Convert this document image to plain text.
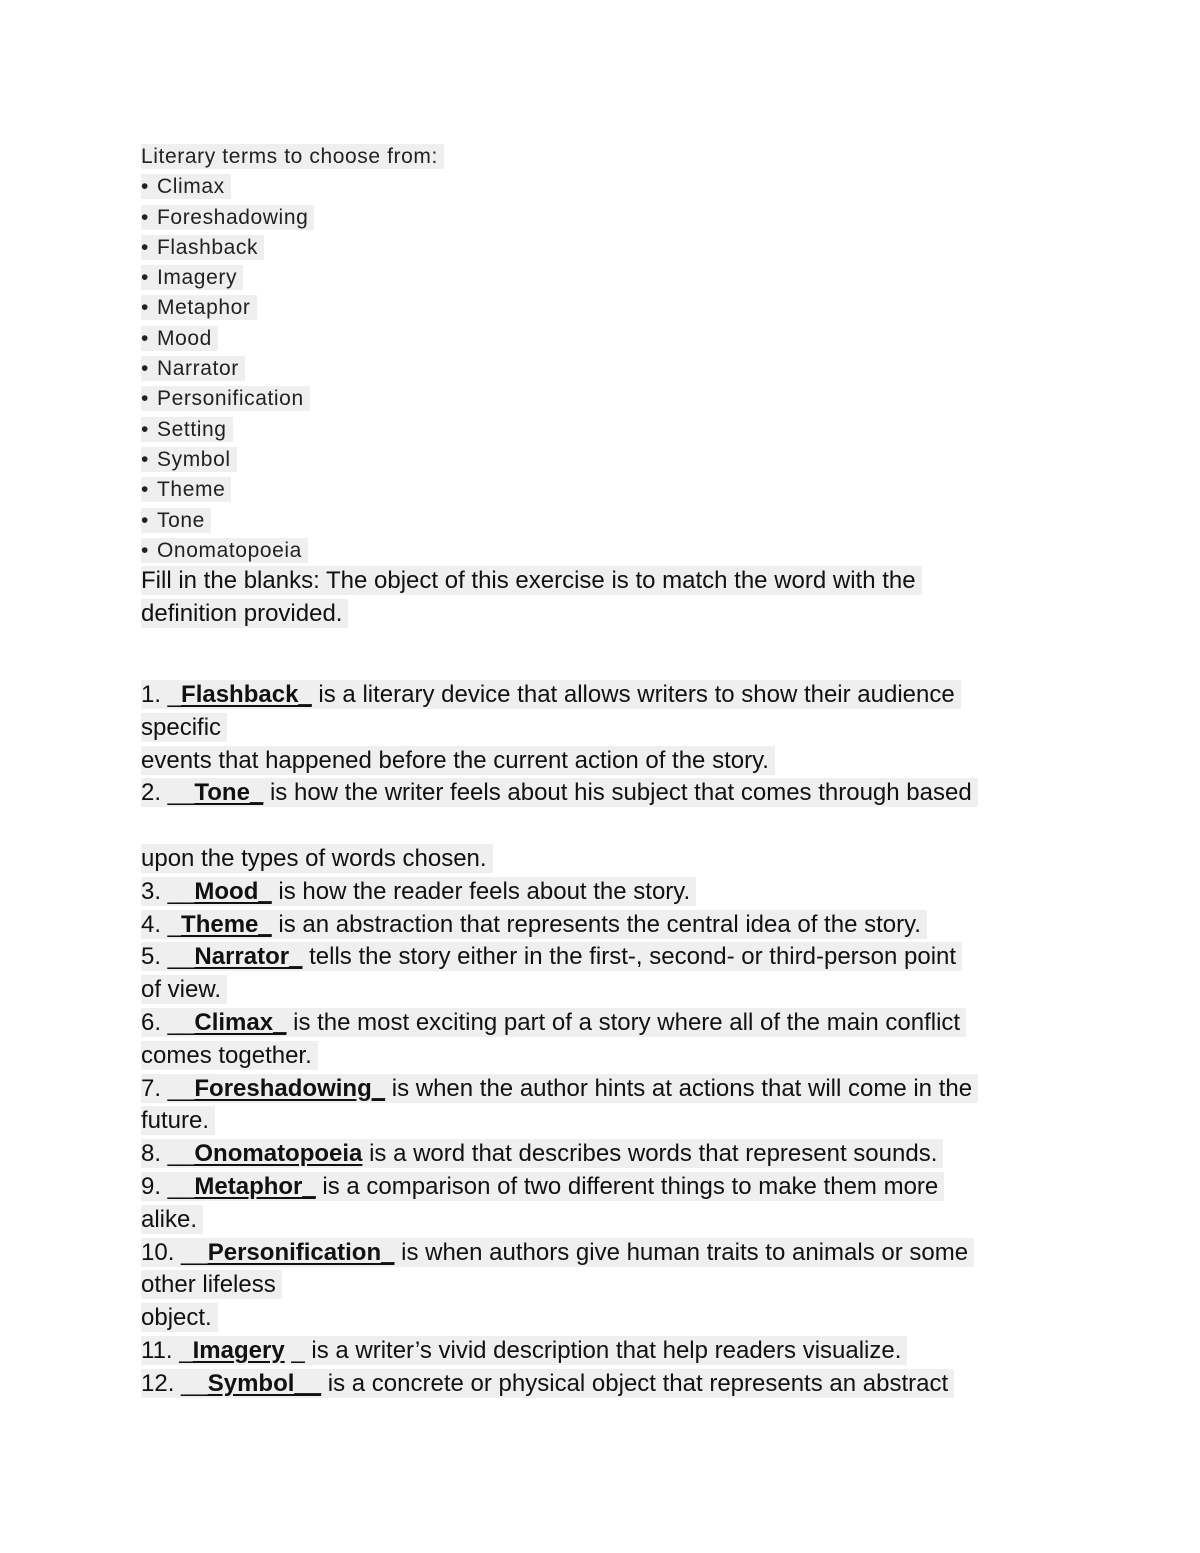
Literary terms to choose from:
• Climax
• Foreshadowing
• Flashback
• Imagery
• Metaphor
• Mood
• Narrator
• Personification
• Setting
• Symbol
• Theme
• Tone
• Onomatopoeia
Fill in the blanks: The object of this exercise is to match the word with the
definition provided.
1. _Flashback_ is a literary device that allows writers to show their audience
specific
events that happened before the current action of the story.
2. __Tone_ is how the writer feels about his subject that comes through based

upon the types of words chosen.
3. __Mood_ is how the reader feels about the story.
4. _Theme_ is an abstraction that represents the central idea of the story.
5. __Narrator_ tells the story either in the first-, second- or third-person point
of view.
6. __Climax_ is the most exciting part of a story where all of the main conflict
comes together.
7. __Foreshadowing_ is when the author hints at actions that will come in the
future.
8. __Onomatopoeia is a word that describes words that represent sounds.
9. __Metaphor_ is a comparison of two different things to make them more
alike.
10. __Personification_ is when authors give human traits to animals or some
other lifeless
object.
11. _Imagery _ is a writer’s vivid description that help readers visualize.
12. __Symbol__ is a concrete or physical object that represents an abstract
